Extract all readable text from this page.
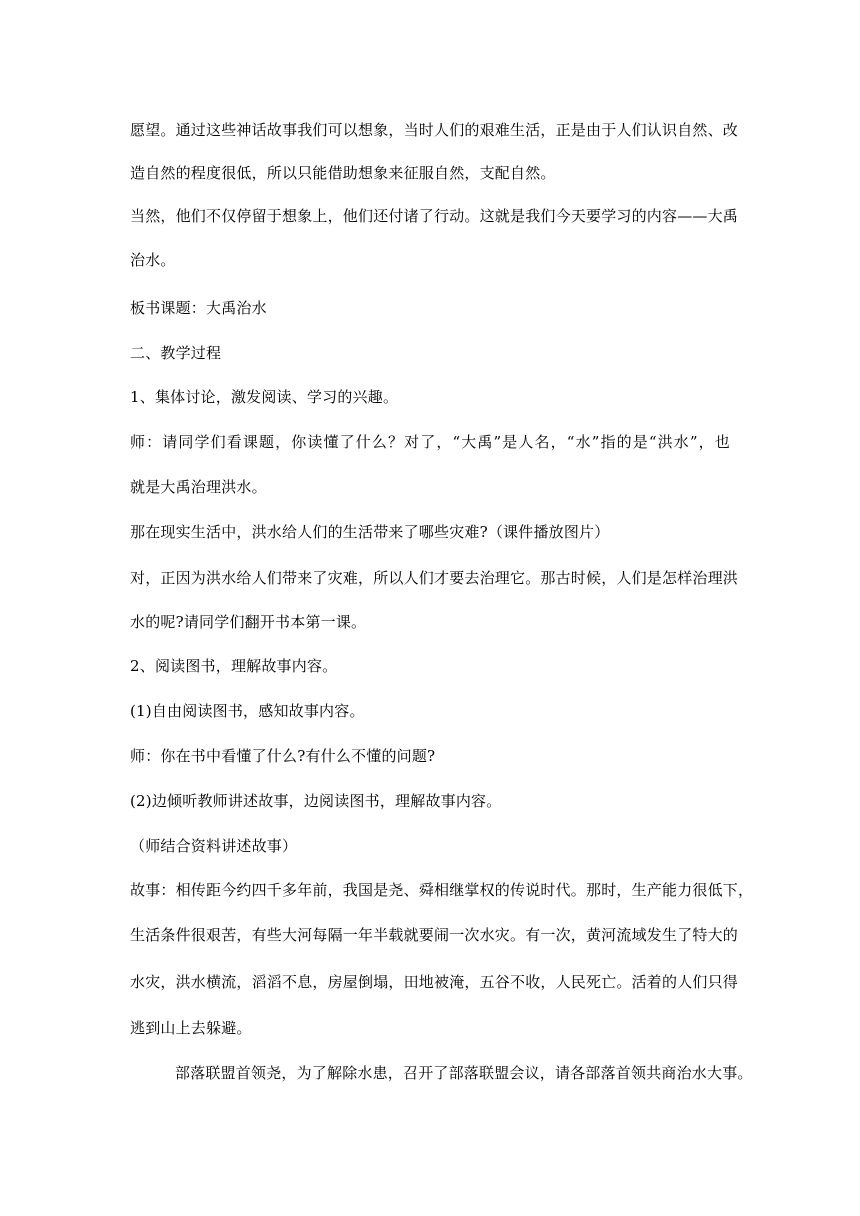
愿望。通过这些神话故事我们可以想象，当时人们的艰难生活，正是由于人们认识自然、改
造自然的程度很低，所以只能借助想象来征服自然，支配自然。
当然，他们不仅停留于想象上，他们还付诸了行动。这就是我们今天要学习的内容——大禹
治水。
板书课题：大禹治水
二、教学过程
1、集体讨论，激发阅读、学习的兴趣。
师：请同学们看课题，你读懂了什么？对了，“大禹”是人名，“水”指的是“洪水”，也
就是大禹治理洪水。
那在现实生活中，洪水给人们的生活带来了哪些灾难?（课件播放图片）
对，正因为洪水给人们带来了灾难，所以人们才要去治理它。那古时候，人们是怎样治理洪
水的呢?请同学们翻开书本第一课。
2、阅读图书，理解故事内容。
(1)自由阅读图书，感知故事内容。
师：你在书中看懂了什么?有什么不懂的问题?
(2)边倾听教师讲述故事，边阅读图书，理解故事内容。
（师结合资料讲述故事）
故事：相传距今约四千多年前，我国是尧、舜相继掌权的传说时代。那时，生产能力很低下，
生活条件很艰苦，有些大河每隔一年半载就要闹一次水灾。有一次，黄河流域发生了特大的
水灾，洪水横流，滔滔不息，房屋倒塌，田地被淹，五谷不收，人民死亡。活着的人们只得
逃到山上去躲避。
部落联盟首领尧，为了解除水患，召开了部落联盟会议，请各部落首领共商治水大事。
